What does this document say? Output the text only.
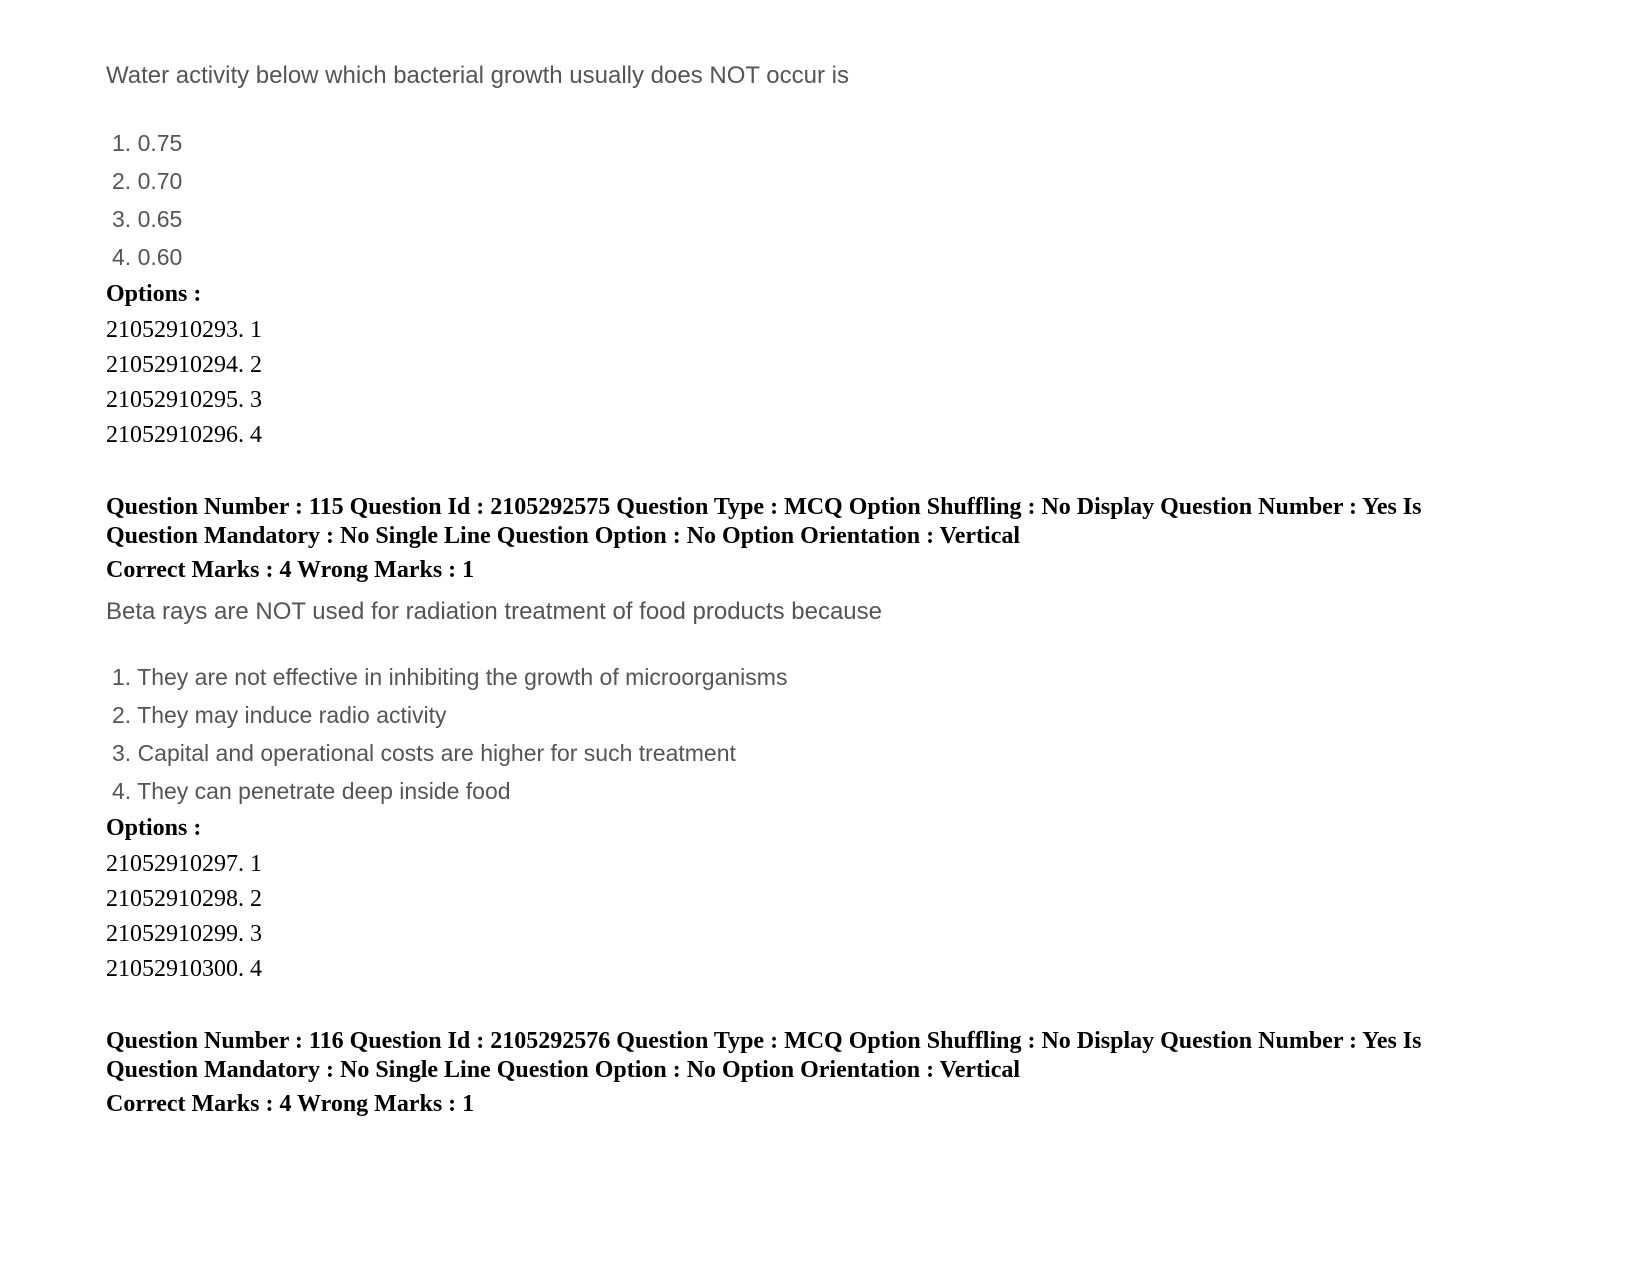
Water activity below which bacterial growth usually does NOT occur is
1. 0.75
2. 0.70
3. 0.65
4. 0.60
Options :
21052910293. 1
21052910294. 2
21052910295. 3
21052910296. 4
Question Number : 115 Question Id : 2105292575 Question Type : MCQ Option Shuffling : No Display Question Number : Yes Is
Question Mandatory : No Single Line Question Option : No Option Orientation : Vertical
Correct Marks : 4 Wrong Marks : 1
Beta rays are NOT used for radiation treatment of food products because
1. They are not effective in inhibiting the growth of microorganisms
2. They may induce radio activity
3. Capital and operational costs are higher for such treatment
4. They can penetrate deep inside food
Options :
21052910297. 1
21052910298. 2
21052910299. 3
21052910300. 4
Question Number : 116 Question Id : 2105292576 Question Type : MCQ Option Shuffling : No Display Question Number : Yes Is
Question Mandatory : No Single Line Question Option : No Option Orientation : Vertical
Correct Marks : 4 Wrong Marks : 1
